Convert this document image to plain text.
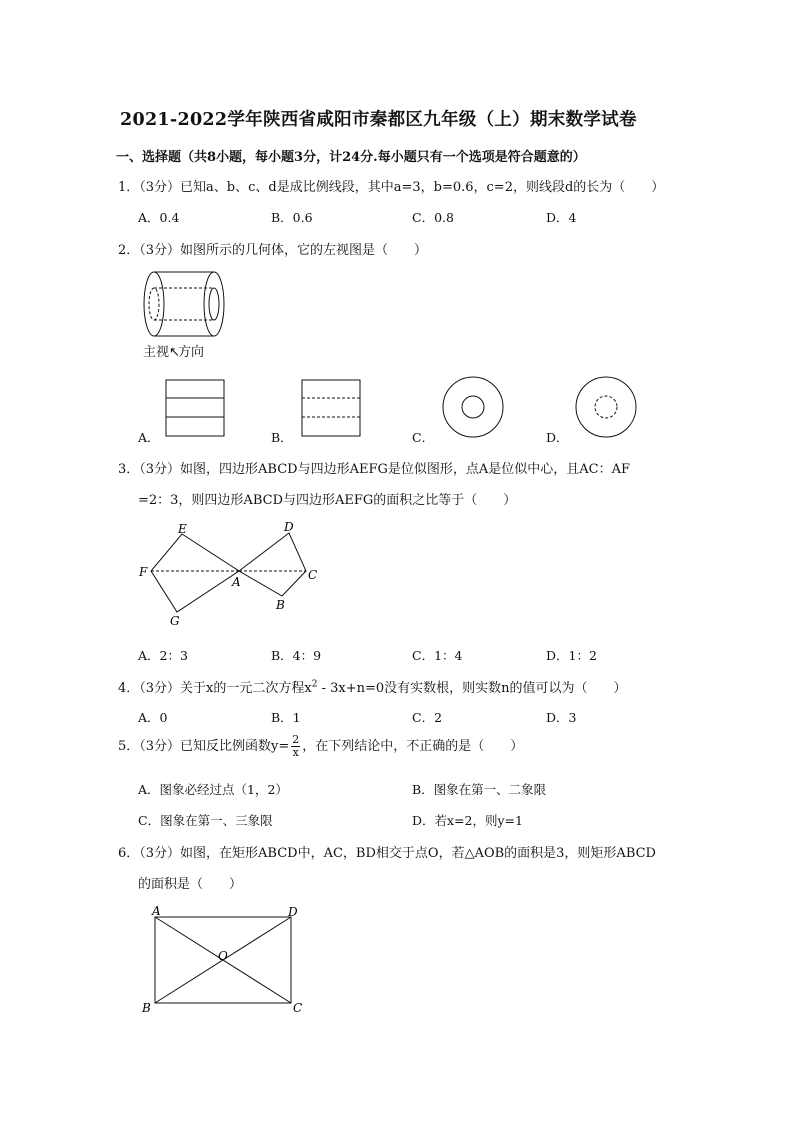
2021-2022学年陕西省咸阳市秦都区九年级（上）期末数学试卷
一、选择题（共8小题，每小题3分，计24分.每小题只有一个选项是符合题意的）
1．（3分）已知a、b、c、d是成比例线段，其中a=3，b=0.6，c=2，则线段d的长为（　　）
A．0.4	B．0.6	C．0.8	D．4
2．（3分）如图所示的几何体，它的左视图是（　　）
主视↖方向
A．	B．	C．	D．
3．（3分）如图，四边形ABCD与四边形AEFG是位似图形，点A是位似中心，且AC：AF
=2：3，则四边形ABCD与四边形AEFG的面积之比等于（　　）
E	D
F
A	C
B
G
A．2：3	B．4：9	C．1：4	D．1：2
4．（3分）关于x的一元二次方程$x^2 - 3x+n=0$没有实数根，则实数n的值可以为（　　）
A．0	B．1	C．2	D．3
5．（3分）已知反比例函数$y= \frac{2}{x}$ ，在下列结论中，不正确的是（　　）
A．图象必经过点（1，2）	B．图象在第一、二象限
C．图象在第一、三象限	D．若x=2，则y=1
6．（3分）如图，在矩形ABCD中，AC，BD相交于点O，若△AOB的面积是3，则矩形ABCD
的面积是（　　）
A	D
O
B	C
